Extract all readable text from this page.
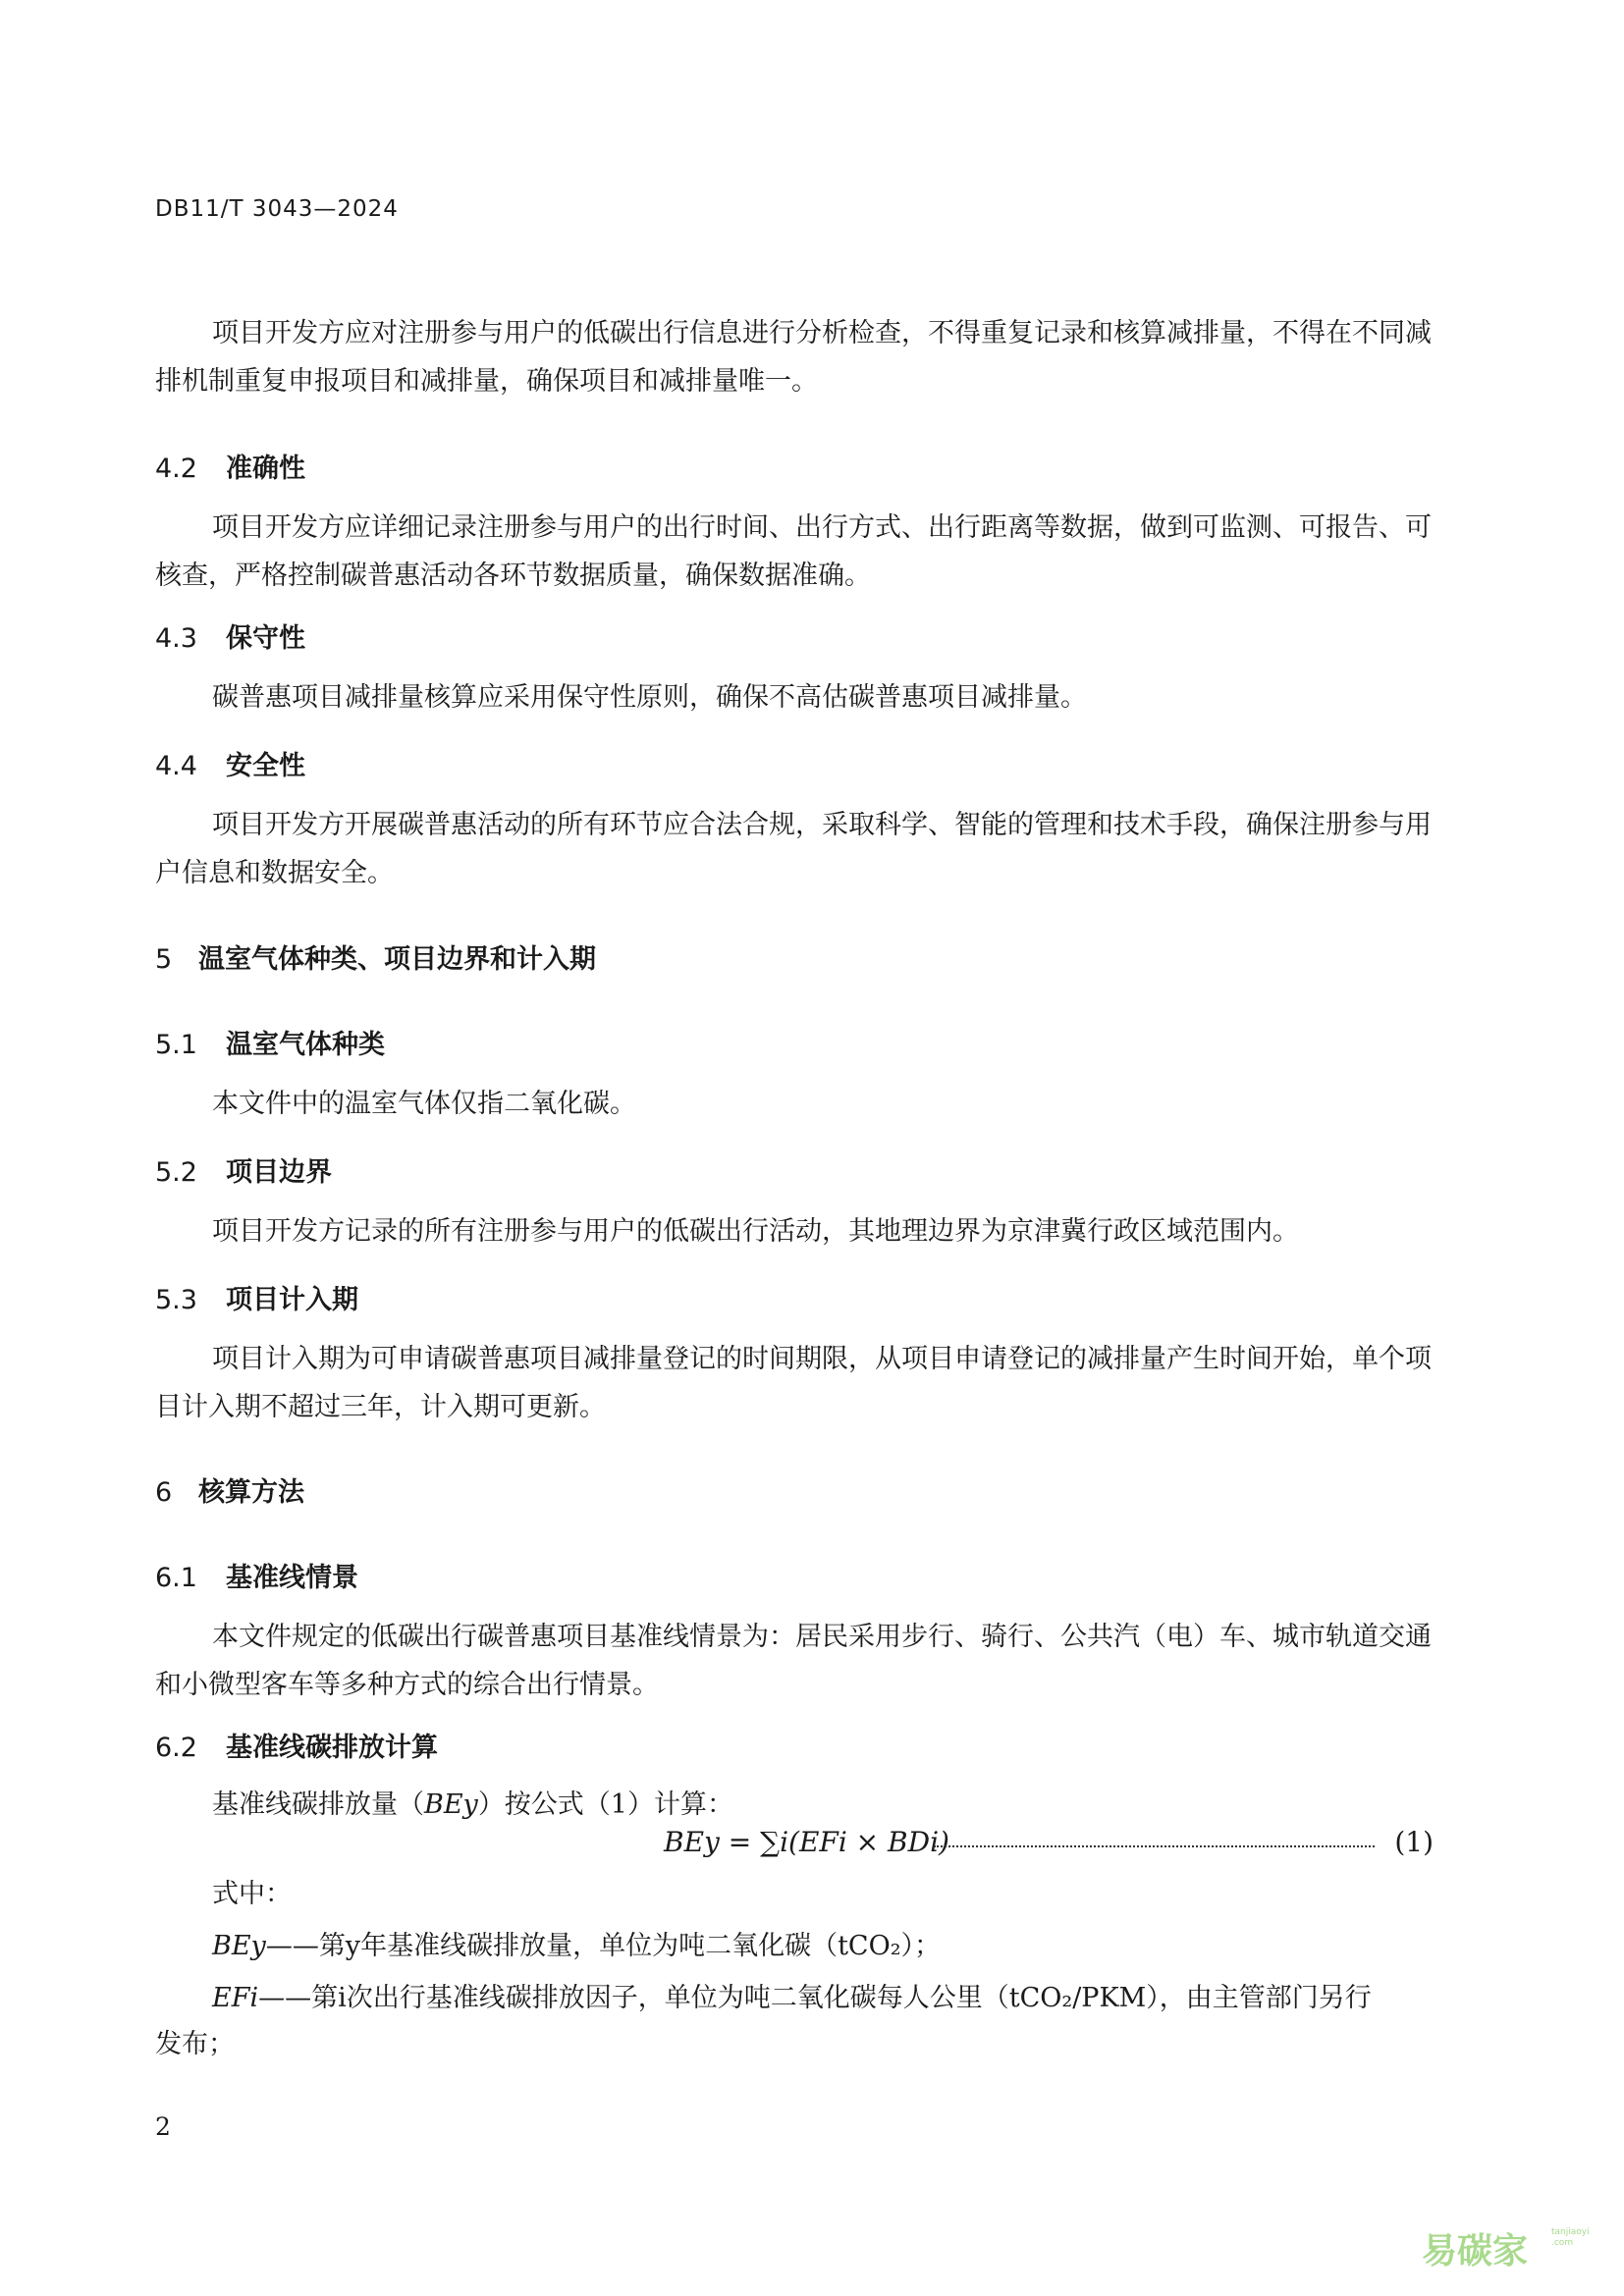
DB11/T 3043—2024
项目开发方应对注册参与用户的低碳出行信息进行分析检查，不得重复记录和核算减排量，不得在不同减排机制重复申报项目和减排量，确保项目和减排量唯一。
4.2 准确性
项目开发方应详细记录注册参与用户的出行时间、出行方式、出行距离等数据，做到可监测、可报告、可核查，严格控制碳普惠活动各环节数据质量，确保数据准确。
4.3 保守性
碳普惠项目减排量核算应采用保守性原则，确保不高估碳普惠项目减排量。
4.4 安全性
项目开发方开展碳普惠活动的所有环节应合法合规，采取科学、智能的管理和技术手段，确保注册参与用户信息和数据安全。
5 温室气体种类、项目边界和计入期
5.1 温室气体种类
本文件中的温室气体仅指二氧化碳。
5.2 项目边界
项目开发方记录的所有注册参与用户的低碳出行活动，其地理边界为京津冀行政区域范围内。
5.3 项目计入期
项目计入期为可申请碳普惠项目减排量登记的时间期限，从项目申请登记的减排量产生时间开始，单个项目计入期不超过三年，计入期可更新。
6 核算方法
6.1 基准线情景
本文件规定的低碳出行碳普惠项目基准线情景为：居民采用步行、骑行、公共汽（电）车、城市轨道交通和小微型客车等多种方式的综合出行情景。
6.2 基准线碳排放计算
基准线碳排放量（BEy）按公式（1）计算：
BEy = ∑i(EFi × BDi)	(1)
式中：
BEy——第y年基准线碳排放量，单位为吨二氧化碳（tCO₂）；
EFi——第i次出行基准线碳排放因子，单位为吨二氧化碳每人公里（tCO₂/PKM），由主管部门另行
发布；
2
易碳家	tanjiaoyi .com
